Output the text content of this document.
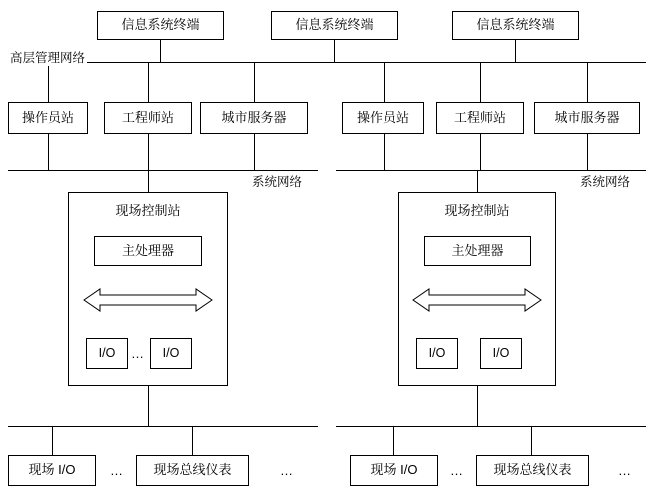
高层管理网络
信息系统终端	信息系统终端	信息系统终端
操作员站	工程师站	城市服务器	操作员站	工程师站	城市服务器
系统网络	系统网络
现场控制站
主处理器
I/O	I/O
…
现场控制站
主处理器
I/O	I/O
现场 I/O	现场总线仪表
…	…	现场 I/O	现场总线仪表
…	…
